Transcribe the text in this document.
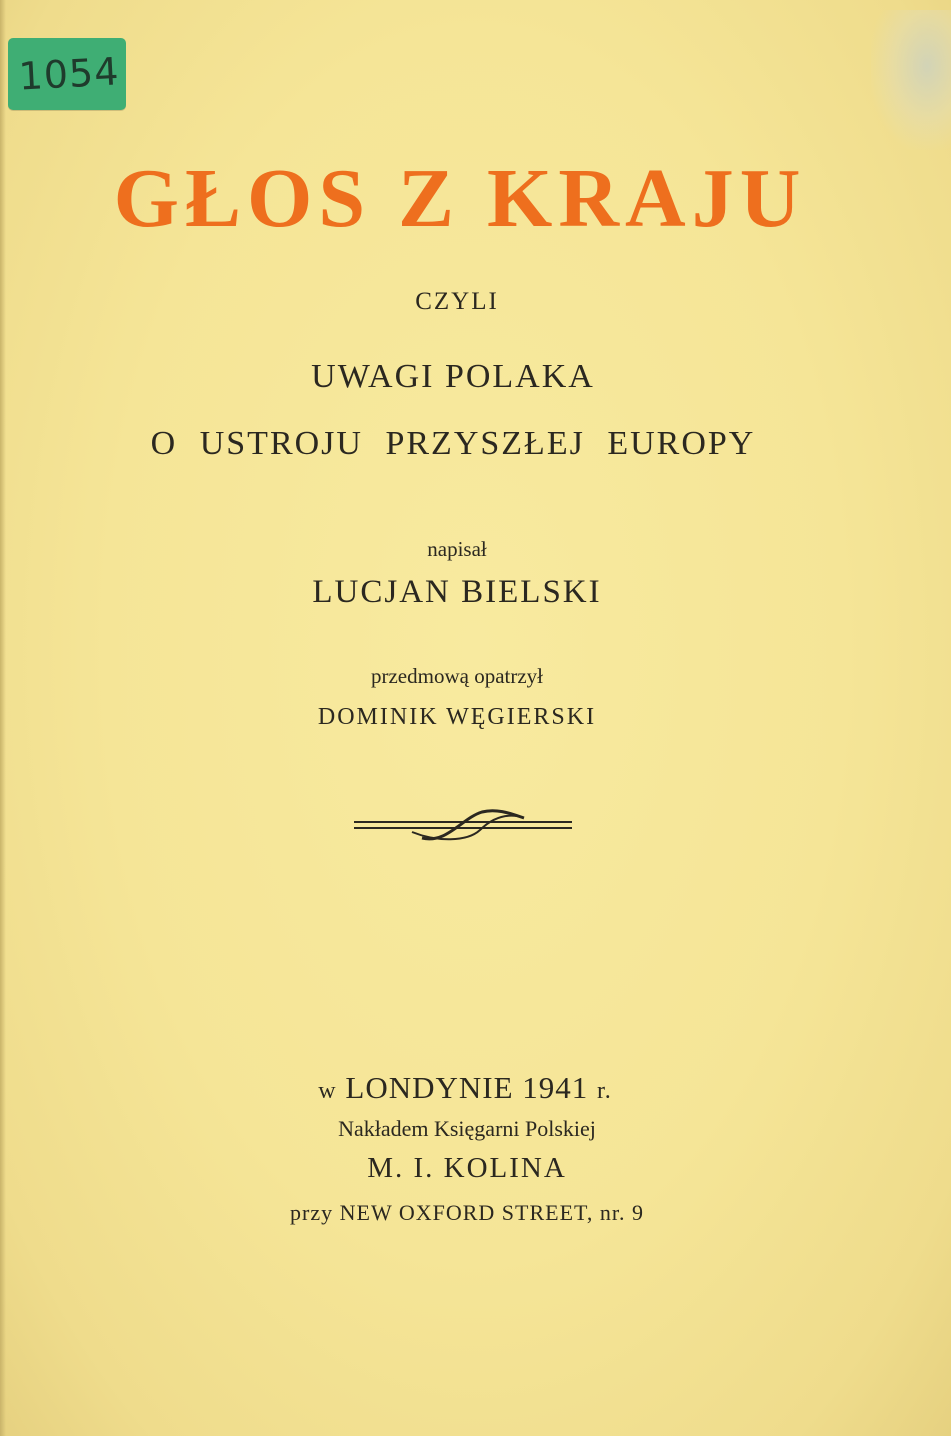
1054
GŁOS Z KRAJU
CZYLI
UWAGI POLAKA
O USTROJU PRZYSZŁEJ EUROPY
napisał
LUCJAN BIELSKI
przedmową opatrzył
DOMINIK WĘGIERSKI
w LONDYNIE 1941 r.
Nakładem Księgarni Polskiej
M. I. KOLINA
przy NEW OXFORD STREET, nr. 9
